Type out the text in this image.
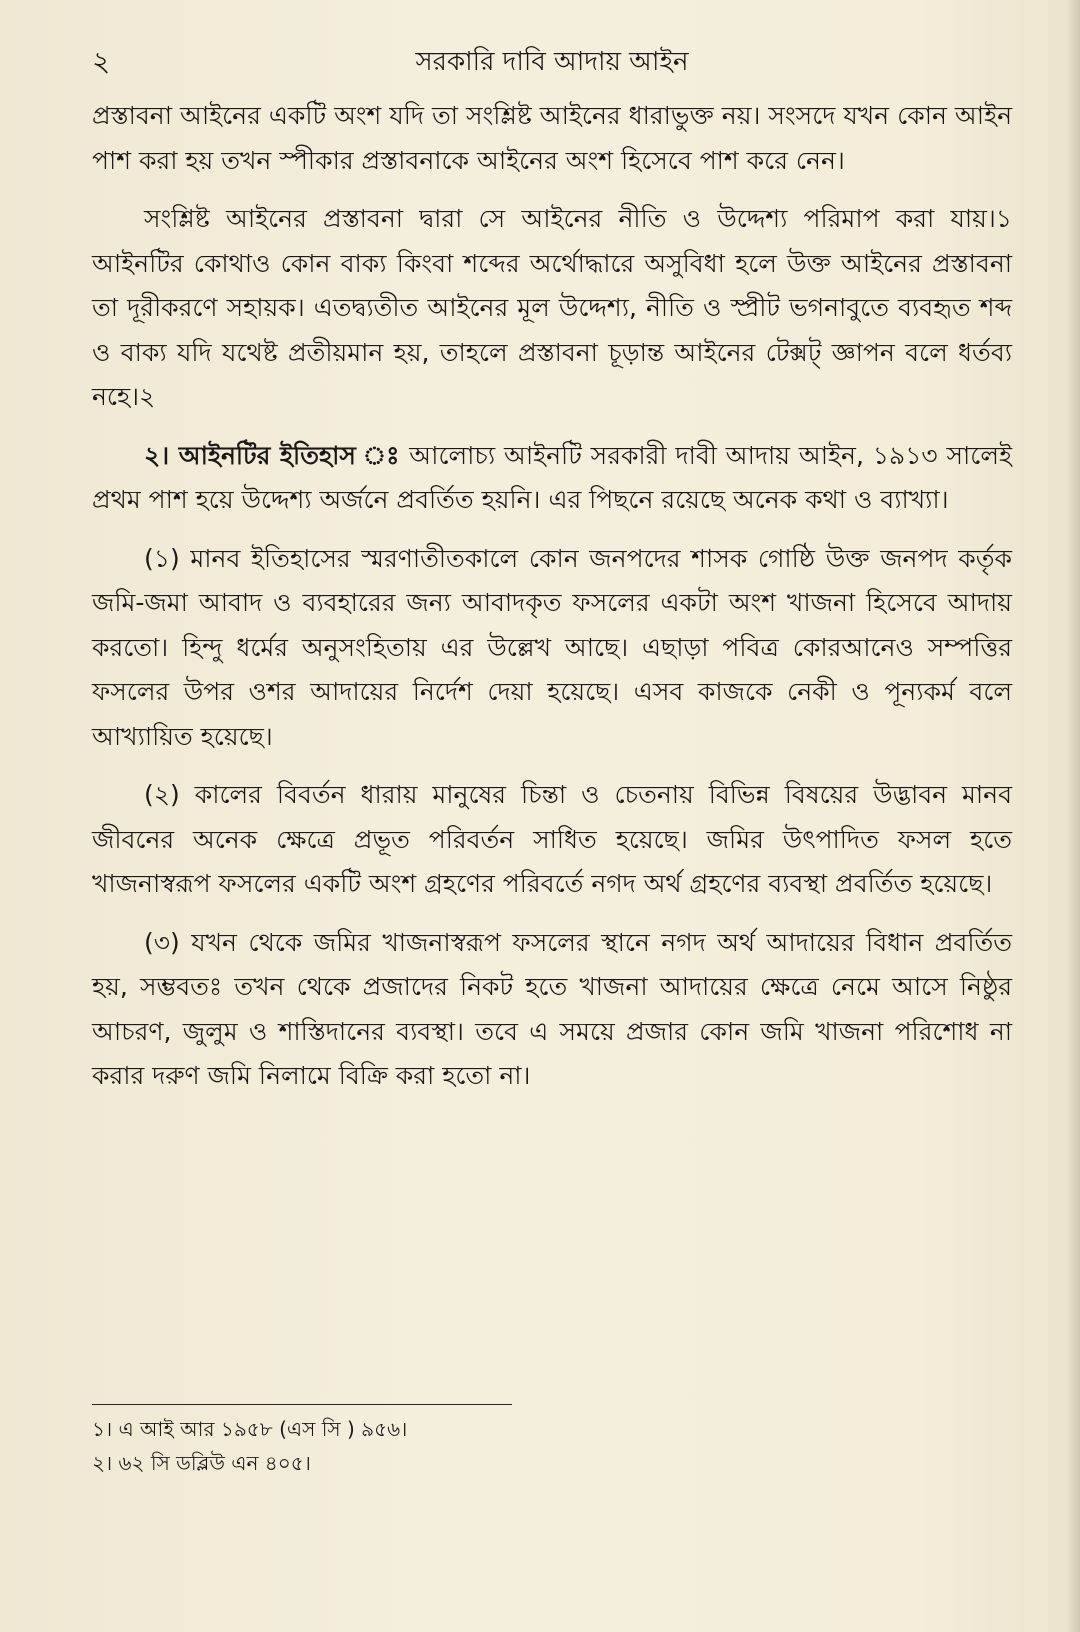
২	সরকারি দাবি আদায় আইন

প্রস্তাবনা আইনের একটি অংশ যদি তা সংশ্লিষ্ট আইনের ধারাভুক্ত নয়। সংসদে যখন কোন আইন পাশ করা হয় তখন স্পীকার প্রস্তাবনাকে আইনের অংশ হিসেবে পাশ করে নেন।

সংশ্লিষ্ট আইনের প্রস্তাবনা দ্বারা সে আইনের নীতি ও উদ্দেশ্য পরিমাপ করা যায়।১ আইনটির কোথাও কোন বাক্য কিংবা শব্দের অর্থোদ্ধারে অসুবিধা হলে উক্ত আইনের প্রস্তাবনা তা দূরীকরণে সহায়ক। এতদ্ব্যতীত আইনের মূল উদ্দেশ্য, নীতি ও স্প্রীট ভগনাবুতে ব্যবহৃত শব্দ ও বাক্য যদি যথেষ্ট প্রতীয়মান হয়, তাহলে প্রস্তাবনা চূড়ান্ত আইনের টেক্সট্ জ্ঞাপন বলে ধর্তব্য নহে।২

২। আইনটির ইতিহাস ঃ আলোচ্য আইনটি সরকারী দাবী আদায় আইন, ১৯১৩ সালেই প্রথম পাশ হয়ে উদ্দেশ্য অর্জনে প্রবর্তিত হয়নি। এর পিছনে রয়েছে অনেক কথা ও ব্যাখ্যা।

(১) মানব ইতিহাসের স্মরণাতীতকালে কোন জনপদের শাসক গোষ্ঠি উক্ত জনপদ কর্তৃক জমি-জমা আবাদ ও ব্যবহারের জন্য আবাদকৃত ফসলের একটা অংশ খাজনা হিসেবে আদায় করতো। হিন্দু ধর্মের অনুসংহিতায় এর উল্লেখ আছে। এছাড়া পবিত্র কোরআনেও সম্পত্তির ফসলের উপর ওশর আদায়ের নির্দেশ দেয়া হয়েছে। এসব কাজকে নেকী ও পূন্যকর্ম বলে আখ্যায়িত হয়েছে।

(২) কালের বিবর্তন ধারায় মানুষের চিন্তা ও চেতনায় বিভিন্ন বিষয়ের উদ্ভাবন মানব জীবনের অনেক ক্ষেত্রে প্রভূত পরিবর্তন সাধিত হয়েছে। জমির উৎপাদিত ফসল হতে খাজনাস্বরূপ ফসলের একটি অংশ গ্রহণের পরিবর্তে নগদ অর্থ গ্রহণের ব্যবস্থা প্রবর্তিত হয়েছে।

(৩) যখন থেকে জমির খাজনাস্বরূপ ফসলের স্থানে নগদ অর্থ আদায়ের বিধান প্রবর্তিত হয়, সম্ভবতঃ তখন থেকে প্রজাদের নিকট হতে খাজনা আদায়ের ক্ষেত্রে নেমে আসে নিষ্ঠুর আচরণ, জুলুম ও শাস্তিদানের ব্যবস্থা। তবে এ সময়ে প্রজার কোন জমি খাজনা পরিশোধ না করার দরুণ জমি নিলামে বিক্রি করা হতো না।

১। এ আই আর ১৯৫৮ (এস সি ) ৯৫৬।
২। ৬২ সি ডব্লিউ এন ৪০৫।
